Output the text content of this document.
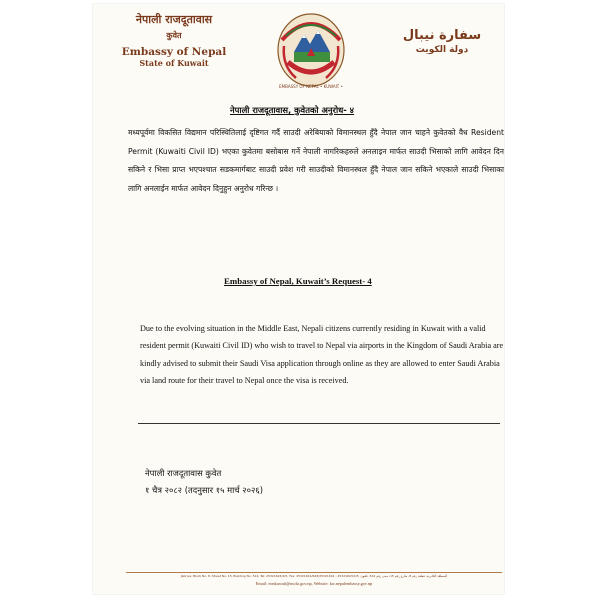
नेपाली राजदूतावास
कुवेत
Embassy of Nepal
State of Kuwait
EMBASSY OF NEPAL • KUWAIT •
سفارة نيبال
دولة الكويت
नेपाली राजदूतावास, कुवेतको अनुरोध- ४
मध्यपूर्वमा विकसित विद्यमान परिस्थितिलाई दृष्टिगत गर्दै साउदी अरेबियाको विमानस्थल हुँदै नेपाल जान चाहने कुवेतको वैध Resident Permit (Kuwaiti Civil ID) भएका कुवेतमा बसोबास गर्ने नेपाली नागरिकहरुले अनलाइन मार्फत साउदी भिसाको लागि आवेदन दिन सकिने र भिसा प्राप्त भएपश्चात सडकमार्गबाट साउदी प्रवेश गरी साउदीको विमानस्थल हुँदै नेपाल जान सकिने भएकाले साउदी भिसाका लागि अनलाईन मार्फत आवेदन दिनुहुन अनुरोध गरिन्छ ।
Embassy of Nepal, Kuwait’s Request- 4
Due to the evolving situation in the Middle East, Nepali citizens currently residing in Kuwait with a valid resident permit (Kuwaiti Civil ID) who wish to travel to Nepal via airports in the Kingdom of Saudi Arabia are kindly advised to submit their Saudi Visa application through online as they are allowed to enter Saudi Arabia via land route for their travel to Nepal once the visa is received.
नेपाली राजदूतावास कुवेत
१ चैत्र २०८२ (तदनुसार १५ मार्च २०२६)
Jabriya, Block No. 8, Street No. 15, Building No. 514, Tel: 25321603/4/5, Fax: 25321601/628/25321601 - 25321603/4/5 :المنطقة الجابرية، قطعة رقم 8، شارع رقم 15، مبنى رقم 514، تلفون
Email: eonkuwait@mofa.gov.np, Website: kw.nepalembassy.gov.np
